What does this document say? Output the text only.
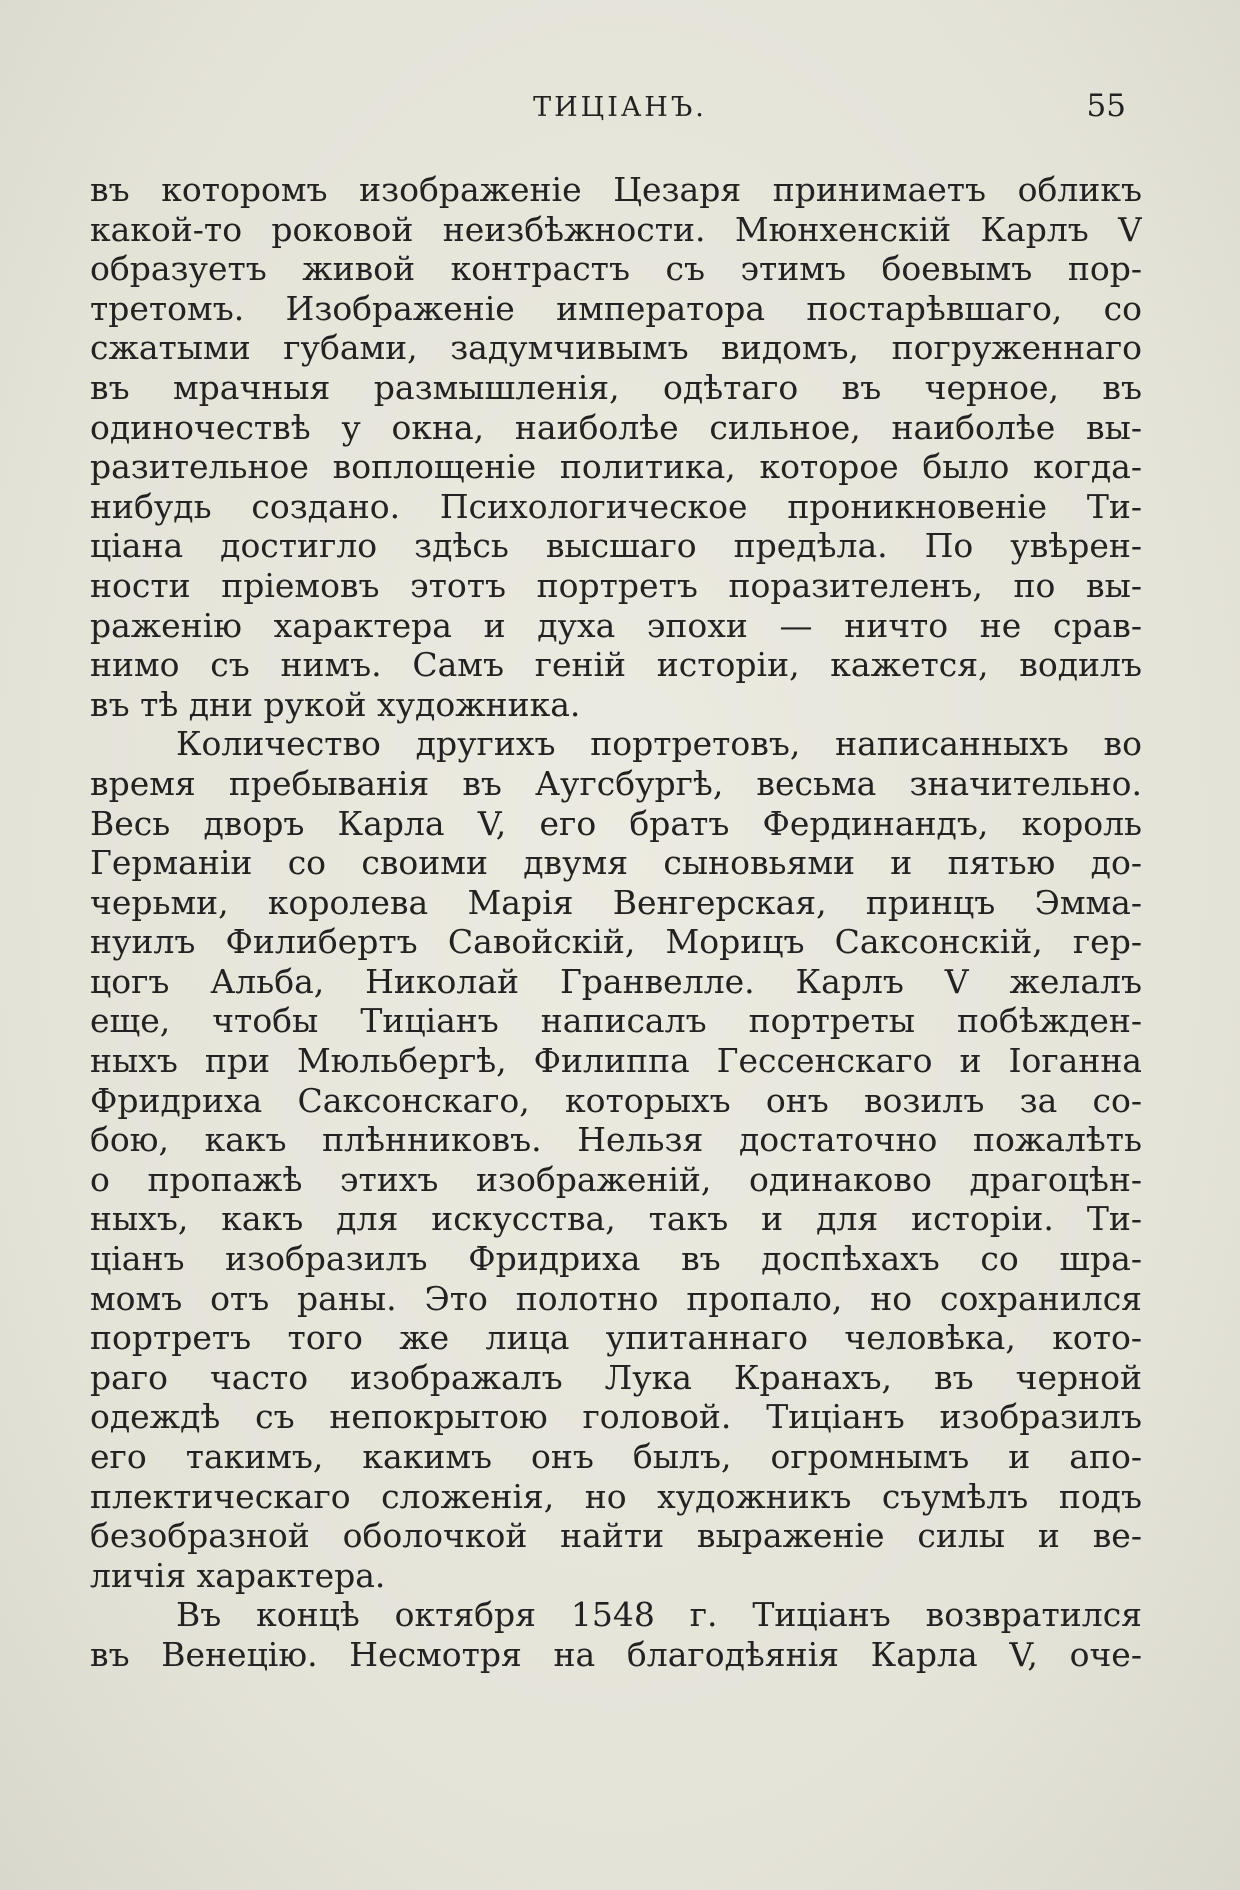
ТИЦІАНЪ.	55
въ которомъ изображеніе Цезаря принимаетъ обликъ
какой-то роковой неизбѣжности. Мюнхенскій Карлъ V
образуетъ живой контрастъ съ этимъ боевымъ пор-
третомъ. Изображеніе императора постарѣвшаго, со
сжатыми губами, задумчивымъ видомъ, погруженнаго
въ мрачныя размышленія, одѣтаго въ черное, въ
одиночествѣ у окна, наиболѣе сильное, наиболѣе вы-
разительное воплощеніе политика, которое было когда-
нибудь создано. Психологическое проникновеніе Ти-
ціана достигло здѣсь высшаго предѣла. По увѣрен-
ности пріемовъ этотъ портретъ поразителенъ, по вы-
раженію характера и духа эпохи — ничто не срав-
нимо съ нимъ. Самъ геній исторіи, кажется, водилъ
въ тѣ дни рукой художника.
Количество другихъ портретовъ, написанныхъ во
время пребыванія въ Аугсбургѣ, весьма значительно.
Весь дворъ Карла V, его братъ Фердинандъ, король
Германіи со своими двумя сыновьями и пятью до-
черьми, королева Марія Венгерская, принцъ Эмма-
нуилъ Филибертъ Савойскій, Морицъ Саксонскій, гер-
цогъ Альба, Николай Гранвелле. Карлъ V желалъ
еще, чтобы Тиціанъ написалъ портреты побѣжден-
ныхъ при Мюльбергѣ, Филиппа Гессенскаго и Іоганна
Фридриха Саксонскаго, которыхъ онъ возилъ за со-
бою, какъ плѣнниковъ. Нельзя достаточно пожалѣть
о пропажѣ этихъ изображеній, одинаково драгоцѣн-
ныхъ, какъ для искусства, такъ и для исторіи. Ти-
ціанъ изобразилъ Фридриха въ доспѣхахъ со шра-
момъ отъ раны. Это полотно пропало, но сохранился
портретъ того же лица упитаннаго человѣка, кото-
раго часто изображалъ Лука Кранахъ, въ черной
одеждѣ съ непокрытою головой. Тиціанъ изобразилъ
его такимъ, какимъ онъ былъ, огромнымъ и апо-
плектическаго сложенія, но художникъ съумѣлъ подъ
безобразной оболочкой найти выраженіе силы и ве-
личія характера.
Въ концѣ октября 1548 г. Тиціанъ возвратился
въ Венецію. Несмотря на благодѣянія Карла V, оче-
